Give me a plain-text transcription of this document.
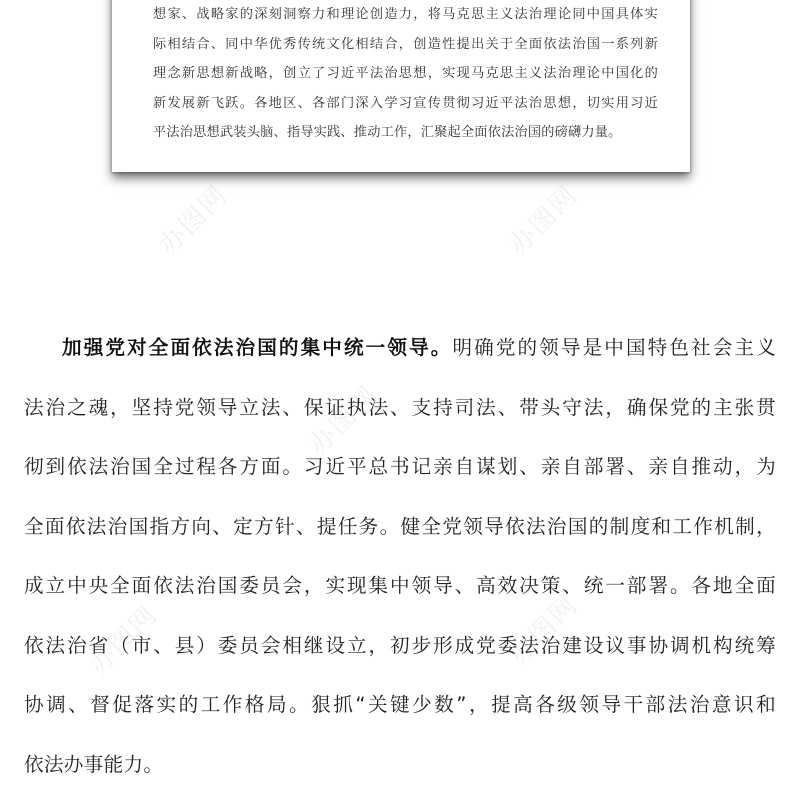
办图网	办图网
办图网
办图网	办图网
想家、战略家的深刻洞察力和理论创造力，将马克思主义法治理论同中国具体实
际相结合、同中华优秀传统文化相结合，创造性提出关于全面依法治国一系列新
理念新思想新战略，创立了习近平法治思想，实现马克思主义法治理论中国化的
新发展新飞跃。各地区、各部门深入学习宣传贯彻习近平法治思想，切实用习近
平法治思想武装头脑、指导实践、推动工作，汇聚起全面依法治国的磅礴力量。
加强党对全面依法治国的集中统一领导。明确党的领导是中国特色社会主义
法治之魂，坚持党领导立法、保证执法、支持司法、带头守法，确保党的主张贯
彻到依法治国全过程各方面。习近平总书记亲自谋划、亲自部署、亲自推动，为
全面依法治国指方向、定方针、提任务。健全党领导依法治国的制度和工作机制，
成立中央全面依法治国委员会，实现集中领导、高效决策、统一部署。各地全面
依法治省（市、县）委员会相继设立，初步形成党委法治建设议事协调机构统筹
协调、督促落实的工作格局。狠抓“关键少数”，提高各级领导干部法治意识和
依法办事能力。
